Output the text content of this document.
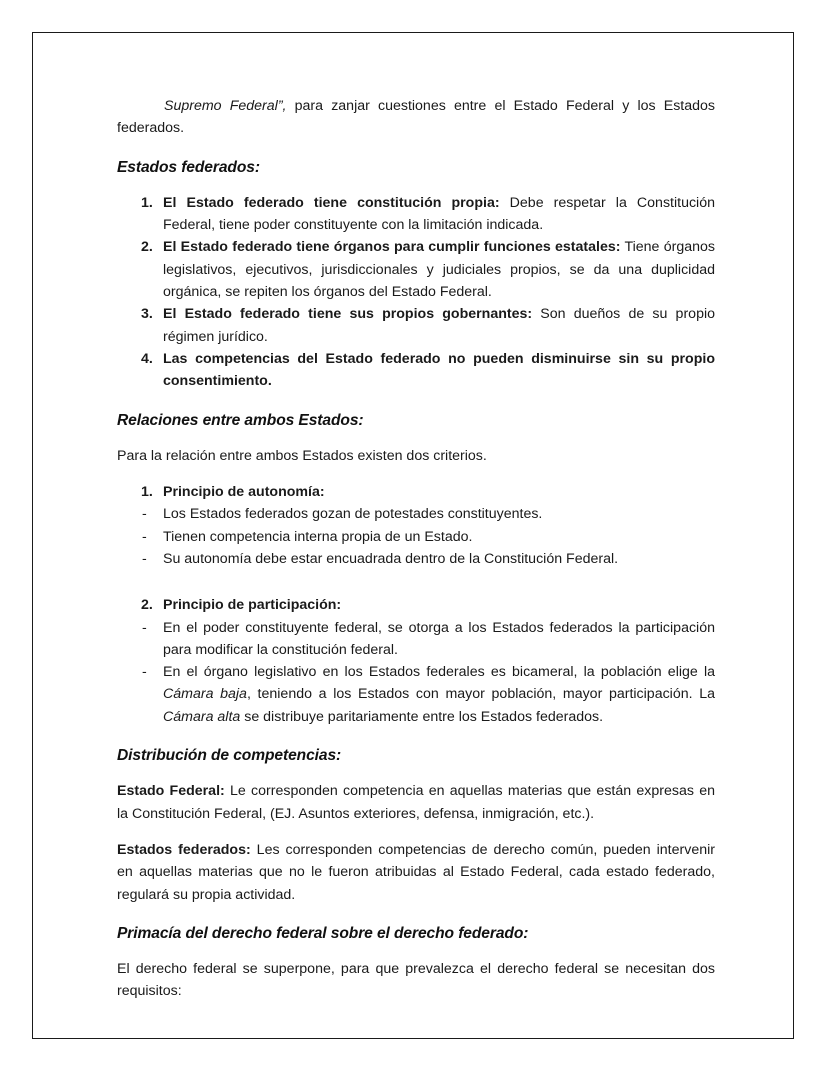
Supremo Federal”, para zanjar cuestiones entre el Estado Federal y los Estados federados.

Estados federados:
1. El Estado federado tiene constitución propia: Debe respetar la Constitución Federal, tiene poder constituyente con la limitación indicada.
2. El Estado federado tiene órganos para cumplir funciones estatales: Tiene órganos legislativos, ejecutivos, jurisdiccionales y judiciales propios, se da una duplicidad orgánica, se repiten los órganos del Estado Federal.
3. El Estado federado tiene sus propios gobernantes: Son dueños de su propio régimen jurídico.
4. Las competencias del Estado federado no pueden disminuirse sin su propio consentimiento.
Relaciones entre ambos Estados:

Para la relación entre ambos Estados existen dos criterios.

1. Principio de autonomía:
- Los Estados federados gozan de potestades constituyentes.
- Tienen competencia interna propia de un Estado.
- Su autonomía debe estar encuadrada dentro de la Constitución Federal.
2. Principio de participación:
- En el poder constituyente federal, se otorga a los Estados federados la participación para modificar la constitución federal.
- En el órgano legislativo en los Estados federales es bicameral, la población elige la Cámara baja, teniendo a los Estados con mayor población, mayor participación. La Cámara alta se distribuye paritariamente entre los Estados federados.
Distribución de competencias:

Estado Federal: Le corresponden competencia en aquellas materias que están expresas en la Constitución Federal, (EJ. Asuntos exteriores, defensa, inmigración, etc.).

Estados federados: Les corresponden competencias de derecho común, pueden intervenir en aquellas materias que no le fueron atribuidas al Estado Federal, cada estado federado, regulará su propia actividad.

Primacía del derecho federal sobre el derecho federado:

El derecho federal se superpone, para que prevalezca el derecho federal se necesitan dos requisitos:
